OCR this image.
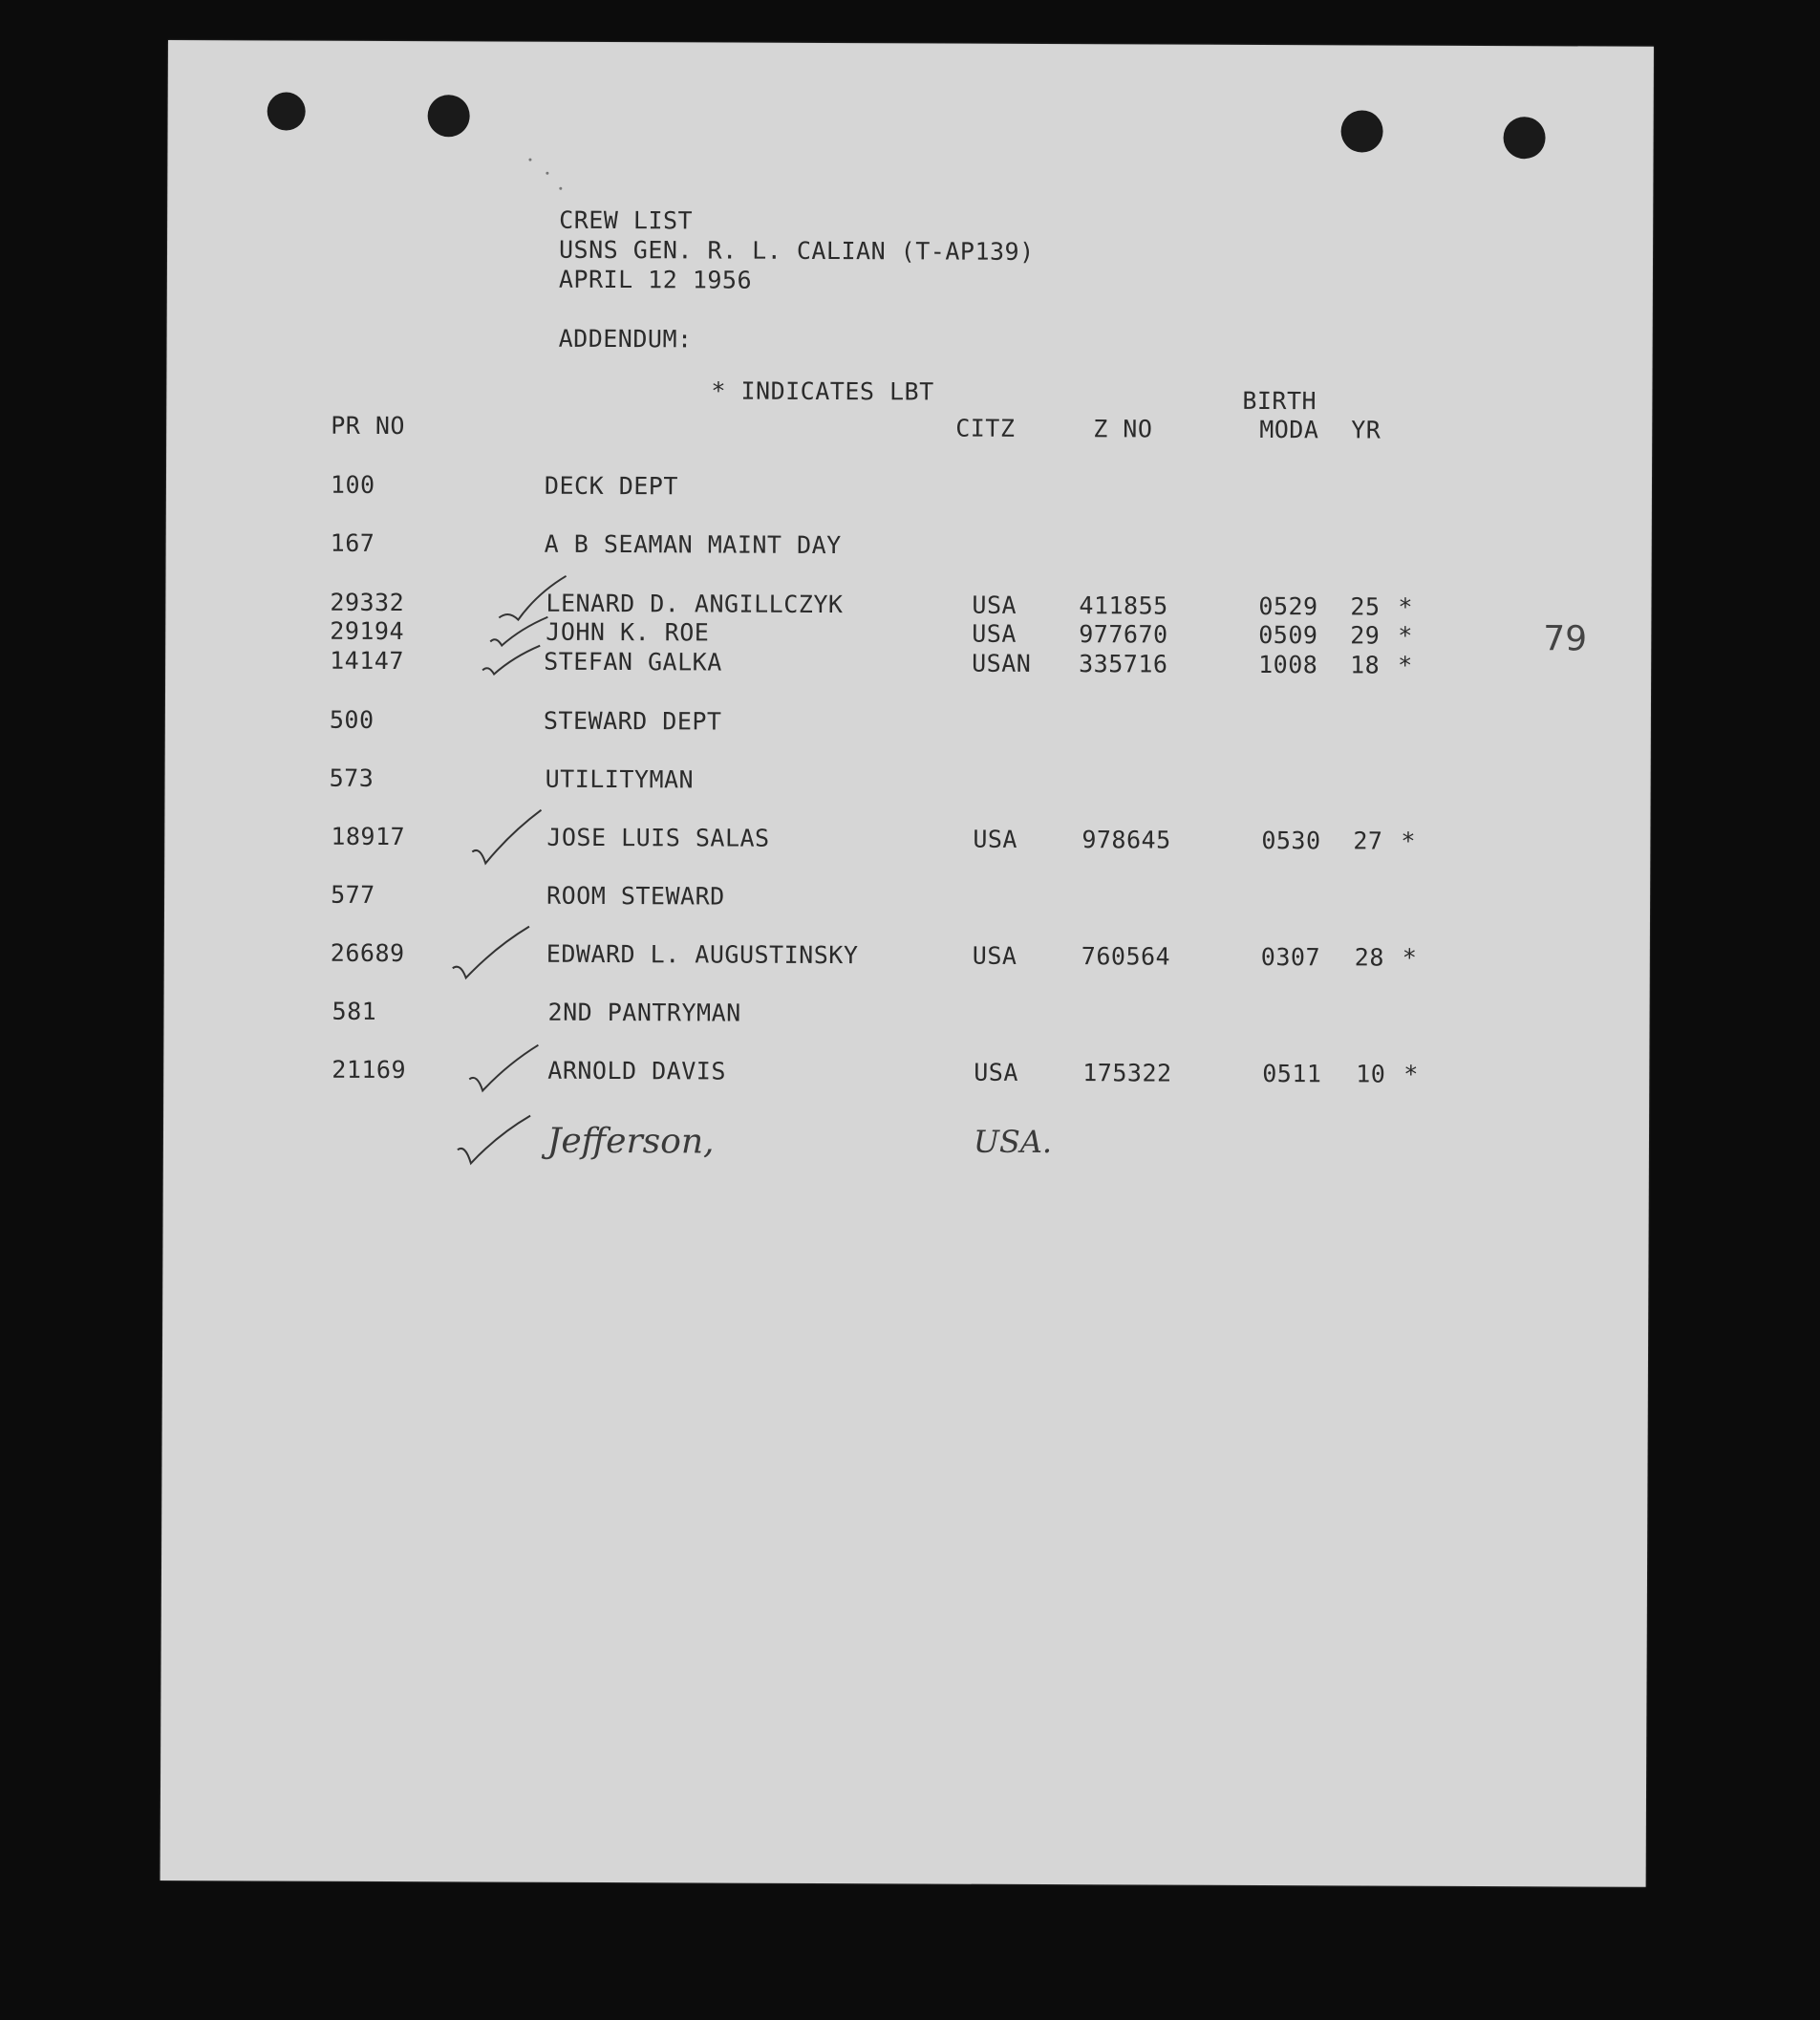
CREW LIST
USNS GEN. R. L. CALIAN (T-AP139)
APRIL 12 1956
ADDENDUM:
* INDICATES LBT
PR NO	CITZ	Z NO
BIRTH
MODA YR
100	DECK DEPT
167	A B SEAMAN MAINT DAY
29332	LENARD D. ANGILLCZYK	USA	411855	0529 25 *
29194	JOHN K. ROE	USA	977670	0509 29 *
14147	STEFAN GALKA	USAN 335716	1008 18 *
500	STEWARD DEPT
573	UTILITYMAN
18917	JOSE LUIS SALAS	USA	978645	0530 27 *
577	ROOM STEWARD
26689	EDWARD L. AUGUSTINSKY	USA	760564	0307 28 *
581	2ND PANTRYMAN
21169	ARNOLD DAVIS	USA	175322	0511 10 *
Jefferson,	USA.
79
